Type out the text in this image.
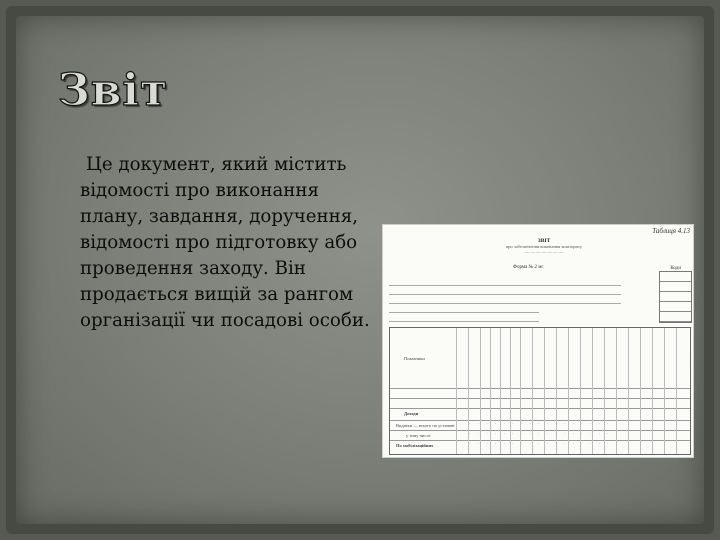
Звіт

Це документ, який містить відомості про виконання плану, завдання, доручення, відомості про підготовку або проведення заходу. Він продається вищій за рангом організації чи посадові особи.

Таблиця 4.13
ЗВІТ
про забезпечення виконання кошторису
— — — — — — —
Форма № 2 мс	Коди
Показники
Доходи
Видатки — всього по установі
у тому числі:
По мобілізаційних
· · · · · · · · · · · · · · · · ·
· · · · · · · · · · · · · · · · ·
· · · · · · · · · · · · · · · · ·
